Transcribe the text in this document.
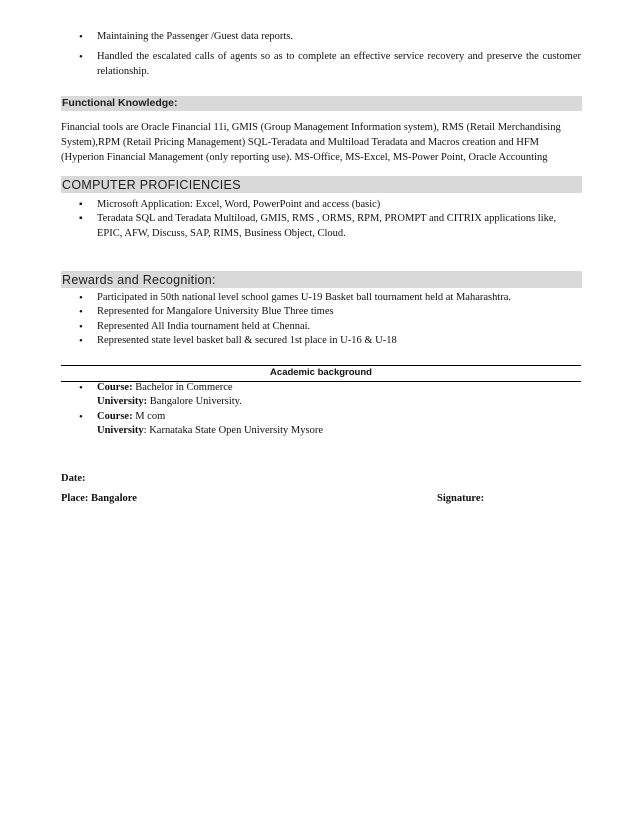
• Maintaining the Passenger /Guest data reports.
• Handled the escalated calls of agents so as to complete an effective service recovery and preserve the customer relationship.
Functional Knowledge:

Financial tools are Oracle Financial 11i, GMIS (Group Management Information system), RMS (Retail Merchandising System),RPM (Retail Pricing Management) SQL-Teradata and Multiload Teradata and Macros creation and HFM (Hyperion Financial Management (only reporting use). MS-Office, MS-Excel, MS-Power Point, Oracle Accounting

COMPUTER PROFICIENCIES
▪ Microsoft Application: Excel, Word, PowerPoint and access (basic)
▪ Teradata SQL and Teradata Multiload, GMIS, RMS , ORMS, RPM, PROMPT and CITRIX applications like, EPIC, AFW, Discuss, SAP, RIMS, Business Object, Cloud.
Rewards and Recognition:
• Participated in 50th national level school games U-19 Basket ball tournament held at Maharashtra.
• Represented for Mangalore University Blue Three times
• Represented All India tournament held at Chennai.
• Represented state level basket ball & secured 1st place in U-16 & U-18
Academic background
• Course: Bachelor in Commerce
University: Bangalore University.
• Course: M com
University: Karnataka State Open University Mysore
Date:
Place: Bangalore	Signature:
